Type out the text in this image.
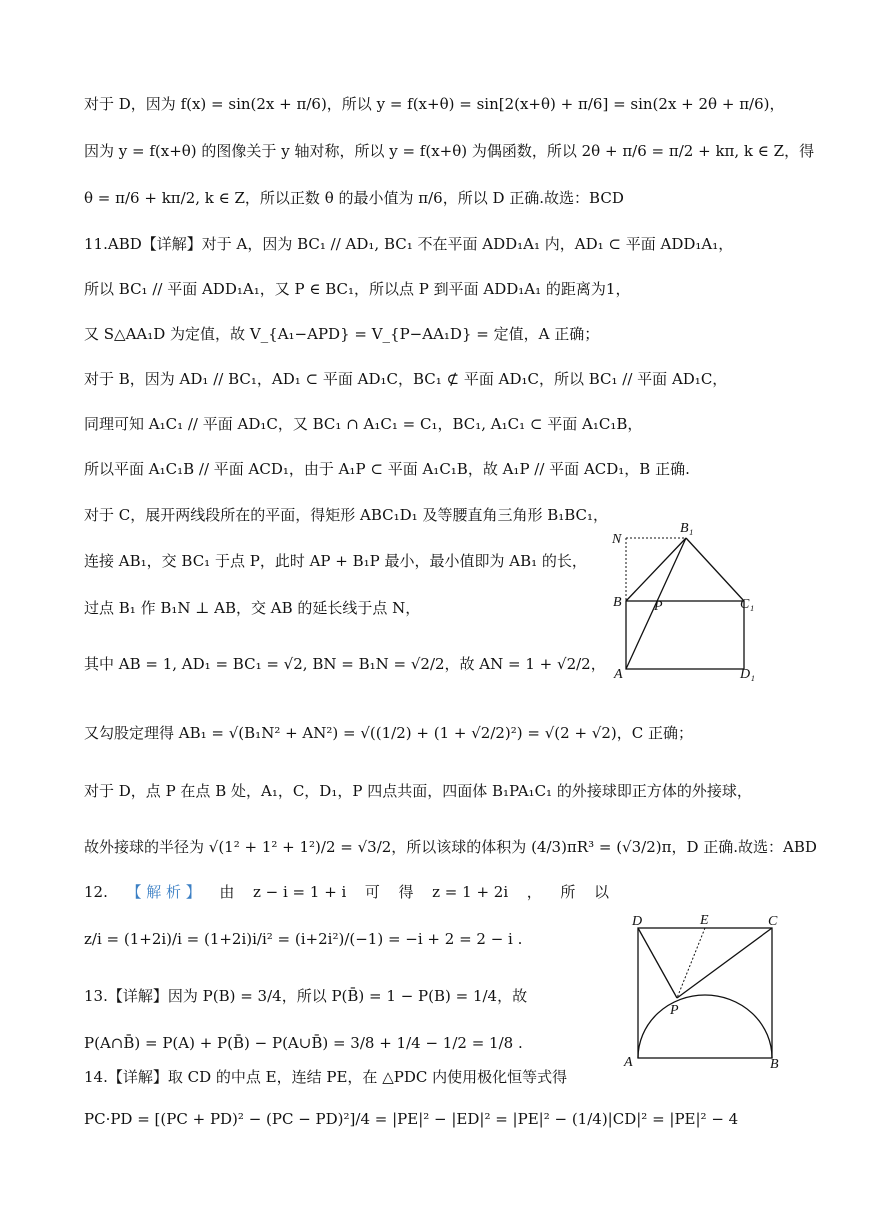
对于 D，因为 f(x) = sin(2x + π/6)，所以 y = f(x+θ) = sin[2(x+θ) + π/6] = sin(2x + 2θ + π/6)，
因为 y = f(x+θ) 的图像关于 y 轴对称，所以 y = f(x+θ) 为偶函数，所以 2θ + π/6 = π/2 + kπ, k ∈ Z，得
θ = π/6 + kπ/2, k ∈ Z，所以正数 θ 的最小值为 π/6，所以 D 正确.故选：BCD
11.ABD【详解】对于 A，因为 BC₁ // AD₁, BC₁ 不在平面 ADD₁A₁ 内，AD₁ ⊂ 平面 ADD₁A₁，
所以 BC₁ // 平面 ADD₁A₁，又 P ∈ BC₁，所以点 P 到平面 ADD₁A₁ 的距离为1，
又 S△AA₁D 为定值，故 V_{A₁−APD} = V_{P−AA₁D} = 定值，A 正确；
对于 B，因为 AD₁ // BC₁，AD₁ ⊂ 平面 AD₁C，BC₁ ⊄ 平面 AD₁C，所以 BC₁ // 平面 AD₁C，
同理可知 A₁C₁ // 平面 AD₁C，又 BC₁ ∩ A₁C₁ = C₁，BC₁, A₁C₁ ⊂ 平面 A₁C₁B，
所以平面 A₁C₁B // 平面 ACD₁，由于 A₁P ⊂ 平面 A₁C₁B，故 A₁P // 平面 ACD₁，B 正确.
对于 C，展开两线段所在的平面，得矩形 ABC₁D₁ 及等腰直角三角形 B₁BC₁，
连接 AB₁，交 BC₁ 于点 P，此时 AP + B₁P 最小，最小值即为 AB₁ 的长，
过点 B₁ 作 B₁N ⊥ AB，交 AB 的延长线于点 N，
其中 AB = 1, AD₁ = BC₁ = √2, BN = B₁N = √2/2，故 AN = 1 + √2/2，
又勾股定理得 AB₁ = √(B₁N² + AN²) = √((1/2) + (1 + √2/2)²) = √(2 + √2)，C 正确；
对于 D，点 P 在点 B 处，A₁，C，D₁，P 四点共面，四面体 B₁PA₁C₁ 的外接球即正方体的外接球，
故外接球的半径为 √(1² + 1² + 1²)/2 = √3/2，所以该球的体积为 (4/3)πR³ = (√3/2)π，D 正确.故选：ABD
12. 【 解 析 】 由 z − i = 1 + i 可 得 z = 1 + 2i ， 所 以
z/i = (1+2i)/i = (1+2i)i/i² = (i+2i²)/(−1) = −i + 2 = 2 − i .
13.【详解】因为 P(B) = 3/4，所以 P(B̄) = 1 − P(B) = 1/4，故
P(A∩B̄) = P(A) + P(B̄) − P(A∪B̄) = 3/8 + 1/4 − 1/2 = 1/8 .
14.【详解】取 CD 的中点 E，连结 PE，在 △PDC 内使用极化恒等式得
PC·PD = [(PC + PD)² − (PC − PD)²]/4 = |PE|² − |ED|² = |PE|² − (1/4)|CD|² = |PE|² − 4
N
B₁
B P	C₁
A	D₁
D	E	C
P
A	B
